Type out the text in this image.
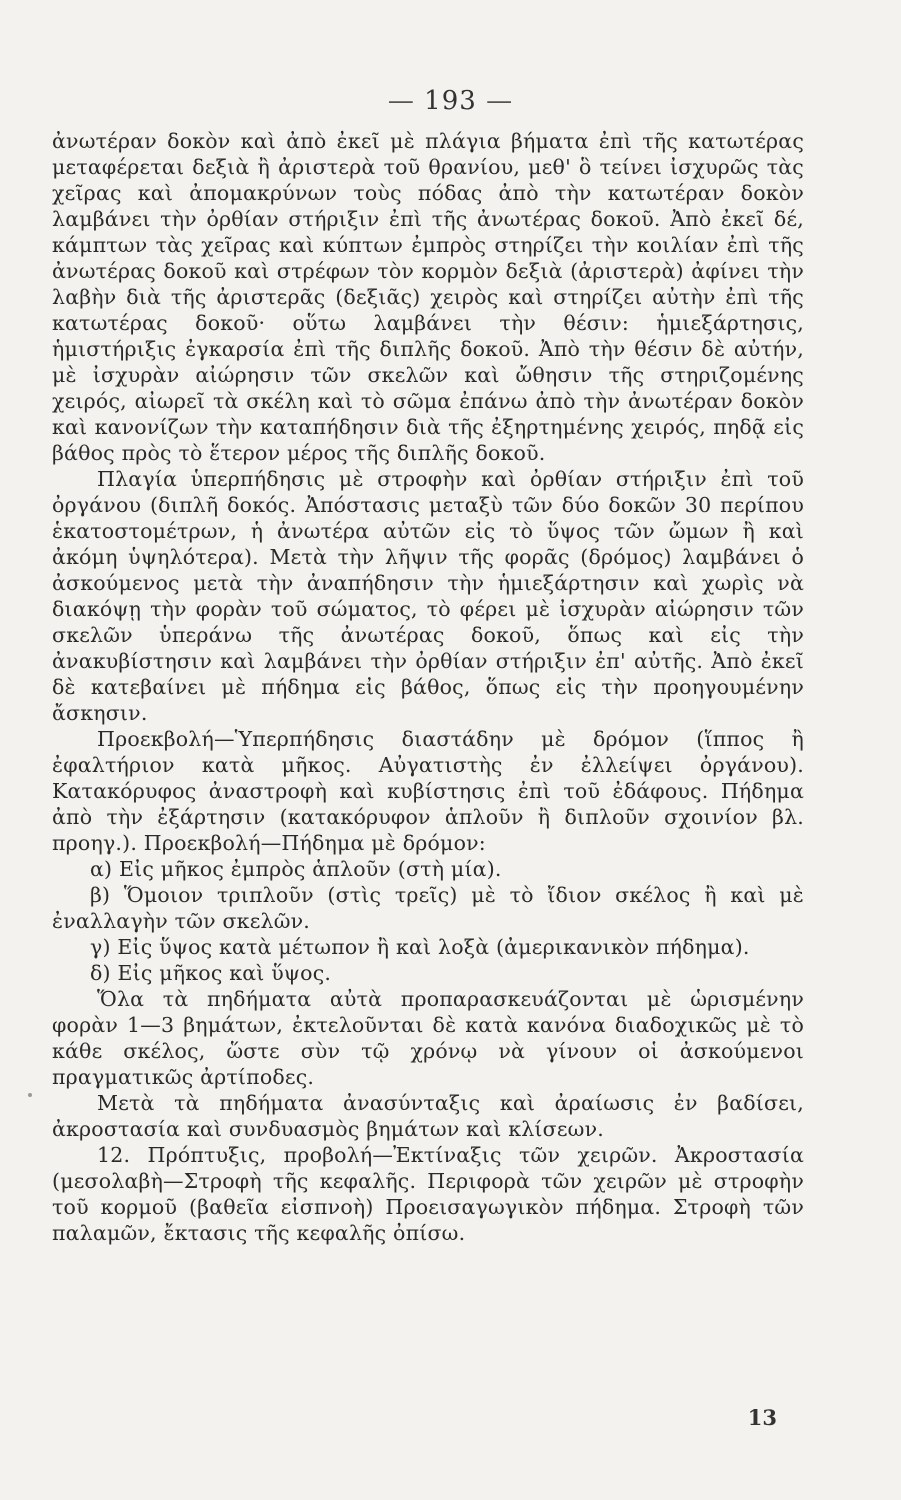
— 193 —

ἀνωτέραν δοκὸν καὶ ἀπὸ ἐκεῖ μὲ πλάγια βήματα ἐπὶ τῆς κατωτέρας μεταφέρεται δεξιὰ ἢ ἀριστερὰ τοῦ θρανίου, μεθ' ὃ τείνει ἰσχυρῶς τὰς χεῖρας καὶ ἀπομακρύνων τοὺς πόδας ἀπὸ τὴν κατωτέραν δοκὸν λαμβάνει τὴν ὀρθίαν στήριξιν ἐπὶ τῆς ἀνωτέρας δοκοῦ. Ἀπὸ ἐκεῖ δέ, κάμπτων τὰς χεῖρας καὶ κύπτων ἐμπρὸς στηρίζει τὴν κοιλίαν ἐπὶ τῆς ἀνωτέρας δοκοῦ καὶ στρέφων τὸν κορμὸν δεξιὰ (ἀριστερὰ) ἀφίνει τὴν λαβὴν διὰ τῆς ἀριστερᾶς (δεξιᾶς) χειρὸς καὶ στηρίζει αὐτὴν ἐπὶ τῆς κατωτέρας δοκοῦ· οὕτω λαμβάνει τὴν θέσιν: ἡμιεξάρτησις, ἡμιστήριξις ἐγκαρσία ἐπὶ τῆς διπλῆς δοκοῦ. Ἀπὸ τὴν θέσιν δὲ αὐτήν, μὲ ἰσχυρὰν αἰώρησιν τῶν σκελῶν καὶ ὤθησιν τῆς στηριζομένης χειρός, αἰωρεῖ τὰ σκέλη καὶ τὸ σῶμα ἐπάνω ἀπὸ τὴν ἀνωτέραν δοκὸν καὶ κανονίζων τὴν καταπήδησιν διὰ τῆς ἐξηρτημένης χειρός, πηδᾷ εἰς βάθος πρὸς τὸ ἕτερον μέρος τῆς διπλῆς δοκοῦ.

Πλαγία ὑπερπήδησις μὲ στροφὴν καὶ ὀρθίαν στήριξιν ἐπὶ τοῦ ὀργάνου (διπλῆ δοκός. Ἀπόστασις μεταξὺ τῶν δύο δοκῶν 30 περίπου ἑκατοστομέτρων, ἡ ἀνωτέρα αὐτῶν εἰς τὸ ὕψος τῶν ὤμων ἢ καὶ ἀκόμη ὑψηλότερα). Μετὰ τὴν λῆψιν τῆς φορᾶς (δρόμος) λαμβάνει ὁ ἀσκούμενος μετὰ τὴν ἀναπήδησιν τὴν ἡμιεξάρτησιν καὶ χωρὶς νὰ διακόψῃ τὴν φορὰν τοῦ σώματος, τὸ φέρει μὲ ἰσχυρὰν αἰώρησιν τῶν σκελῶν ὑπεράνω τῆς ἀνωτέρας δοκοῦ, ὅπως καὶ εἰς τὴν ἀνακυβίστησιν καὶ λαμβάνει τὴν ὀρθίαν στήριξιν ἐπ' αὐτῆς. Ἀπὸ ἐκεῖ δὲ κατεβαίνει μὲ πήδημα εἰς βάθος, ὅπως εἰς τὴν προηγουμένην ἄσκησιν.

Προεκβολή—Ὑπερπήδησις διαστάδην μὲ δρόμον (ἵππος ἢ ἐφαλτήριον κατὰ μῆκος. Αὐγατιστὴς ἐν ἐλλείψει ὀργάνου). Κατακόρυφος ἀναστροφὴ καὶ κυβίστησις ἐπὶ τοῦ ἐδάφους. Πήδημα ἀπὸ τὴν ἐξάρτησιν (κατακόρυφον ἁπλοῦν ἢ διπλοῦν σχοινίον βλ. προηγ.). Προεκβολή—Πήδημα μὲ δρόμον:

α) Εἰς μῆκος ἐμπρὸς ἁπλοῦν (στὴ μία).

β) Ὅμοιον τριπλοῦν (στὶς τρεῖς) μὲ τὸ ἴδιον σκέλος ἢ καὶ μὲ ἐναλλαγὴν τῶν σκελῶν.

γ) Εἰς ὕψος κατὰ μέτωπον ἢ καὶ λοξὰ (ἀμερικανικὸν πήδημα).

δ) Εἰς μῆκος καὶ ὕψος.

Ὅλα τὰ πηδήματα αὐτὰ προπαρασκευάζονται μὲ ὡρισμένην φορὰν 1—3 βημάτων, ἐκτελοῦνται δὲ κατὰ κανόνα διαδοχικῶς μὲ τὸ κάθε σκέλος, ὥστε σὺν τῷ χρόνῳ νὰ γίνουν οἱ ἀσκούμενοι πραγματικῶς ἀρτίποδες.

Μετὰ τὰ πηδήματα ἀνασύνταξις καὶ ἀραίωσις ἐν βαδίσει, ἀκροστασία καὶ συνδυασμὸς βημάτων καὶ κλίσεων.

12. Πρόπτυξις, προβολή—Ἐκτίναξις τῶν χειρῶν. Ἀκροστασία (μεσολαβὴ—Στροφὴ τῆς κεφαλῆς. Περιφορὰ τῶν χειρῶν μὲ στροφὴν τοῦ κορμοῦ (βαθεῖα εἰσπνοὴ) Προεισαγωγικὸν πήδημα. Στροφὴ τῶν παλαμῶν, ἔκτασις τῆς κεφαλῆς ὀπίσω.

13
